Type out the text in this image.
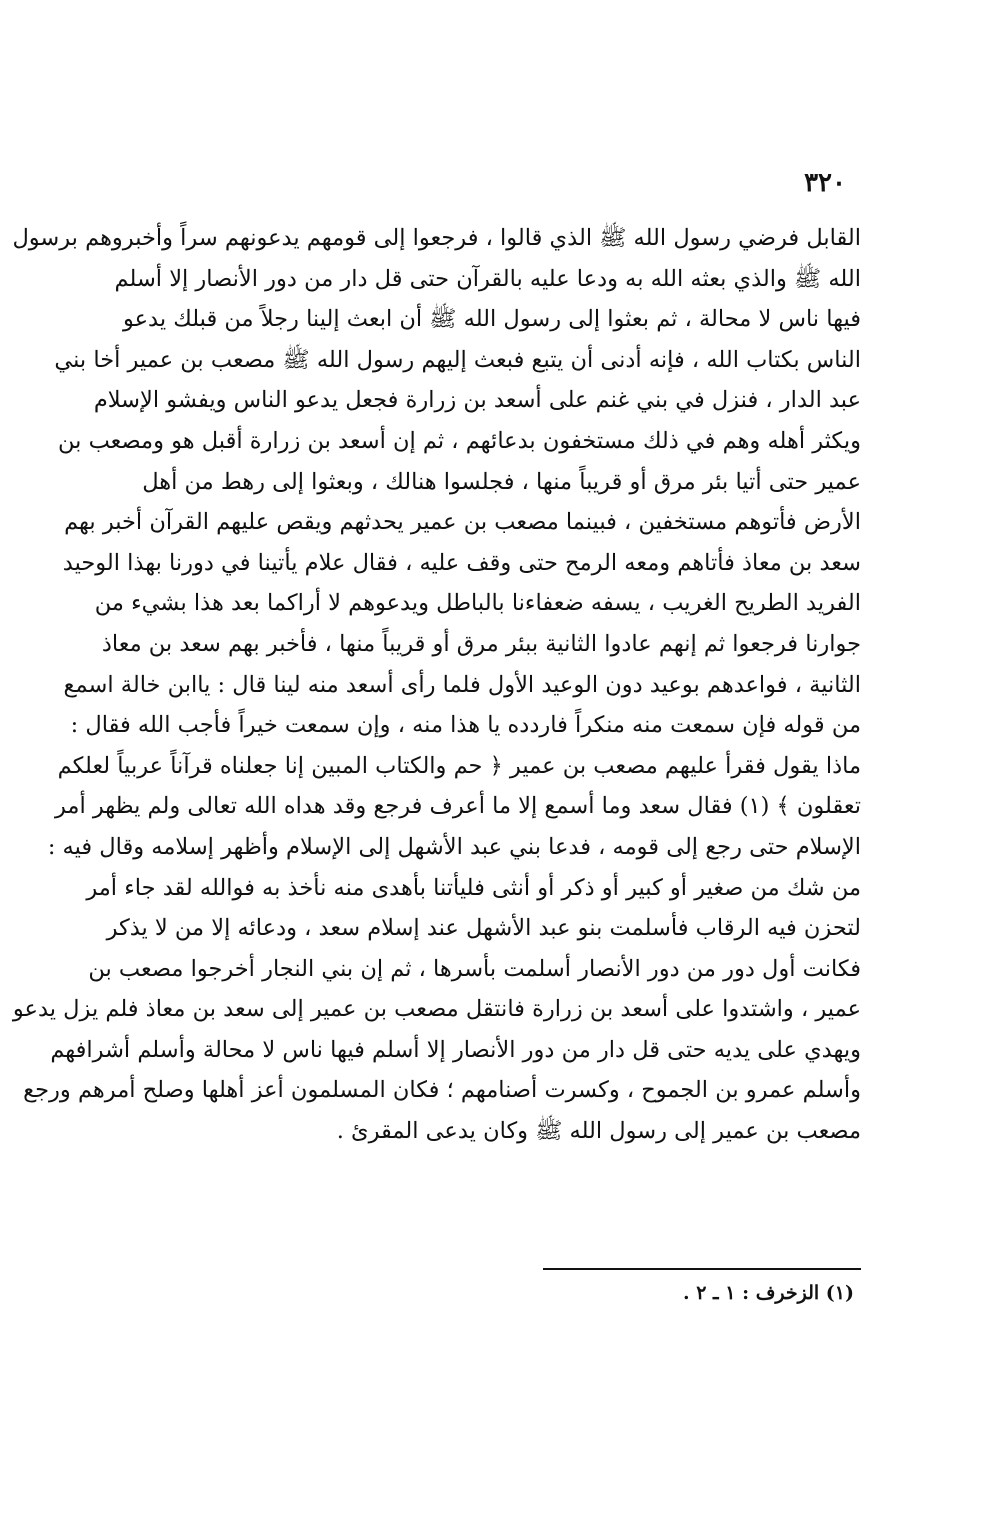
٣٢٠
القابل فرضي رسول الله ﷺ الذي قالوا ، فرجعوا إلى قومهم يدعونهم سراً وأخبروهم برسول
الله ﷺ والذي بعثه الله به ودعا عليه بالقرآن حتى قل دار من دور الأنصار إلا أسلم
فيها ناس لا محالة ، ثم بعثوا إلى رسول الله ﷺ أن ابعث إلينا رجلاً من قبلك يدعو
الناس بكتاب الله ، فإنه أدنى أن يتبع فبعث إليهم رسول الله ﷺ مصعب بن عمير أخا بني
عبد الدار ، فنزل في بني غنم على أسعد بن زرارة فجعل يدعو الناس ويفشو الإسلام
ويكثر أهله وهم في ذلك مستخفون بدعائهم ، ثم إن أسعد بن زرارة أقبل هو ومصعب بن
عمير حتى أتيا بئر مرق أو قريباً منها ، فجلسوا هنالك ، وبعثوا إلى رهط من أهل
الأرض فأتوهم مستخفين ، فبينما مصعب بن عمير يحدثهم ويقص عليهم القرآن أخبر بهم
سعد بن معاذ فأتاهم ومعه الرمح حتى وقف عليه ، فقال علام يأتينا في دورنا بهذا الوحيد
الفريد الطريح الغريب ، يسفه ضعفاءنا بالباطل ويدعوهم لا أراكما بعد هذا بشيء من
جوارنا فرجعوا ثم إنهم عادوا الثانية ببئر مرق أو قريباً منها ، فأخبر بهم سعد بن معاذ
الثانية ، فواعدهم بوعيد دون الوعيد الأول فلما رأى أسعد منه لينا قال : ياابن خالة اسمع
من قوله فإن سمعت منه منكراً فاردده يا هذا منه ، وإن سمعت خيراً فأجب الله فقال :
ماذا يقول فقرأ عليهم مصعب بن عمير ﴿ حم والكتاب المبين إنا جعلناه قرآناً عربياً لعلكم
تعقلون ﴾ (١) فقال سعد وما أسمع إلا ما أعرف فرجع وقد هداه الله تعالى ولم يظهر أمر
الإسلام حتى رجع إلى قومه ، فدعا بني عبد الأشهل إلى الإسلام وأظهر إسلامه وقال فيه :
من شك من صغير أو كبير أو ذكر أو أنثى فليأتنا بأهدى منه نأخذ به فوالله لقد جاء أمر
لتحزن فيه الرقاب فأسلمت بنو عبد الأشهل عند إسلام سعد ، ودعائه إلا من لا يذكر
فكانت أول دور من دور الأنصار أسلمت بأسرها ، ثم إن بني النجار أخرجوا مصعب بن
عمير ، واشتدوا على أسعد بن زرارة فانتقل مصعب بن عمير إلى سعد بن معاذ فلم يزل يدعو
ويهدي على يديه حتى قل دار من دور الأنصار إلا أسلم فيها ناس لا محالة وأسلم أشرافهم
وأسلم عمرو بن الجموح ، وكسرت أصنامهم ؛ فكان المسلمون أعز أهلها وصلح أمرهم ورجع
مصعب بن عمير إلى رسول الله ﷺ وكان يدعى المقرئ .
(١) الزخرف : ١ ـ ٢ .
